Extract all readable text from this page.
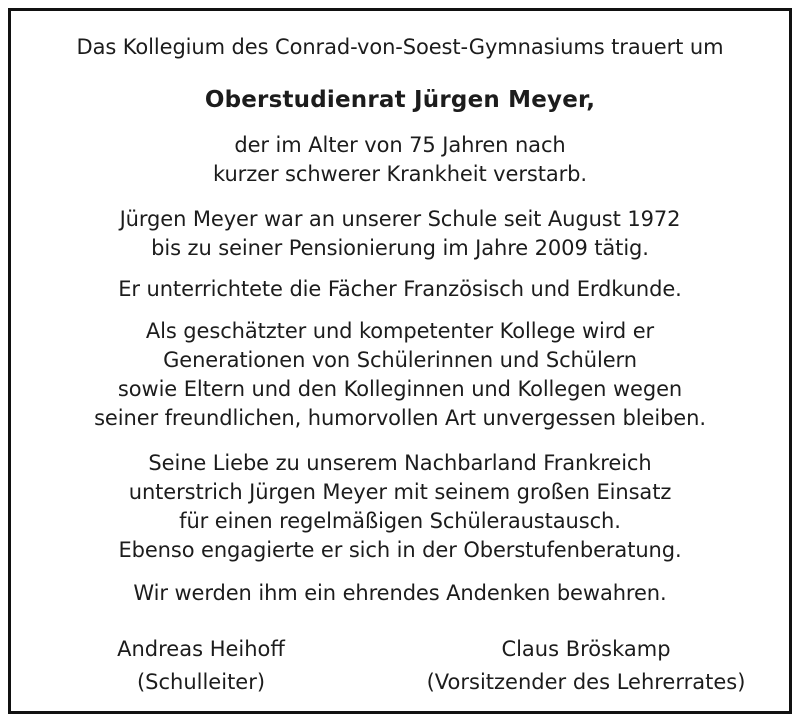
Das Kollegium des Conrad-von-Soest-Gymnasiums trauert um
Oberstudienrat Jürgen Meyer,
der im Alter von 75 Jahren nach
kurzer schwerer Krankheit verstarb.
Jürgen Meyer war an unserer Schule seit August 1972
bis zu seiner Pensionierung im Jahre 2009 tätig.
Er unterrichtete die Fächer Französisch und Erdkunde.
Als geschätzter und kompetenter Kollege wird er
Generationen von Schülerinnen und Schülern
sowie Eltern und den Kolleginnen und Kollegen wegen
seiner freundlichen, humorvollen Art unvergessen bleiben.
Seine Liebe zu unserem Nachbarland Frankreich
unterstrich Jürgen Meyer mit seinem großen Einsatz
für einen regelmäßigen Schüleraustausch.
Ebenso engagierte er sich in der Oberstufenberatung.
Wir werden ihm ein ehrendes Andenken bewahren.
Andreas Heihoff
(Schulleiter)
Claus Bröskamp
(Vorsitzender des Lehrerrates)
